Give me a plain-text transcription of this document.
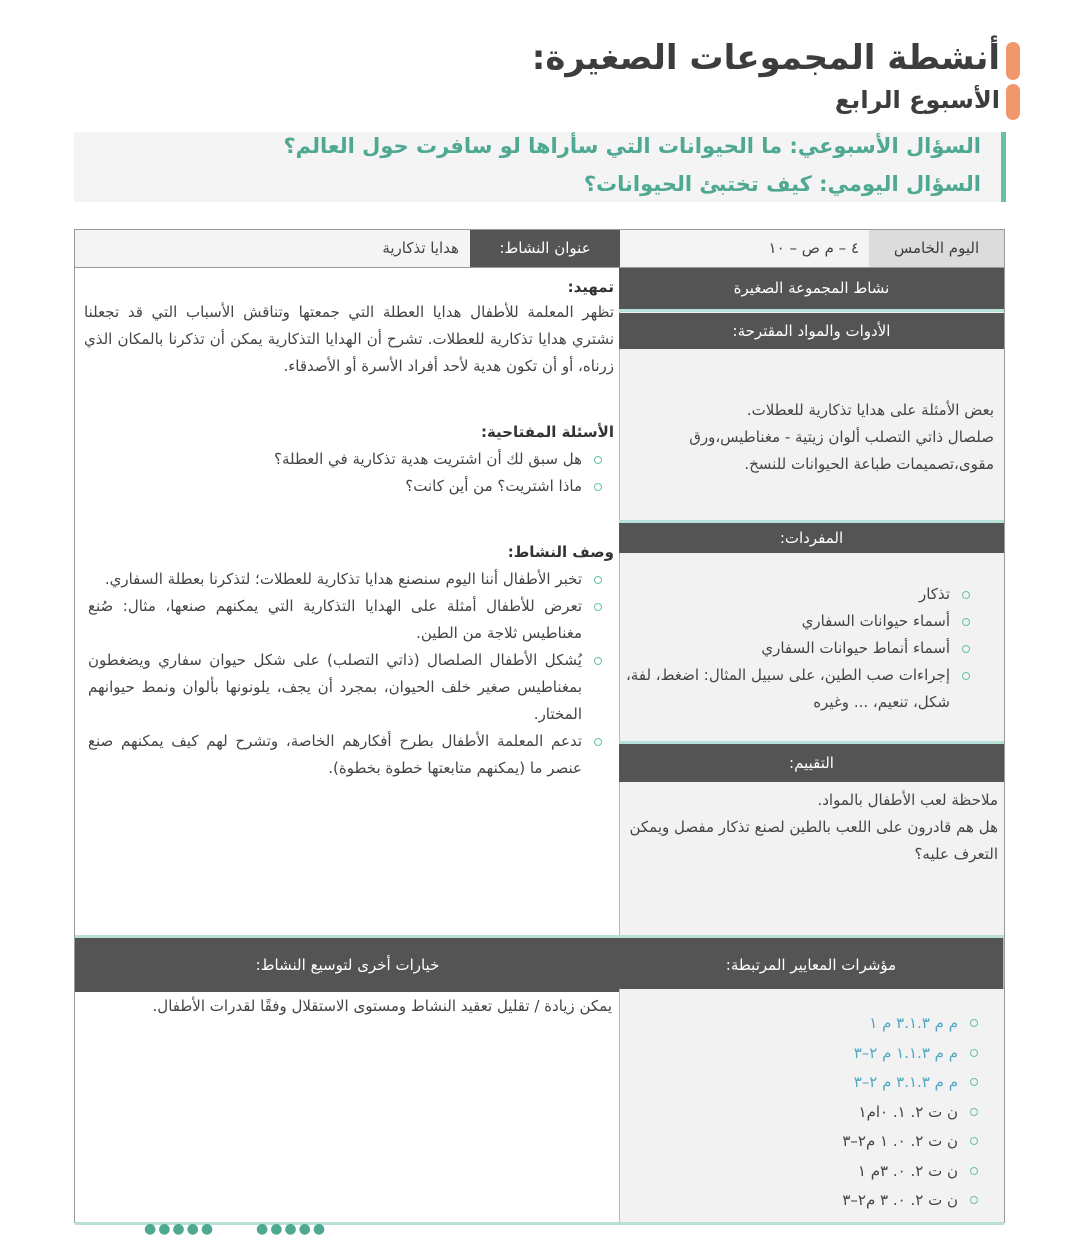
أنشطة المجموعات الصغيرة:
الأسبوع الرابع
السؤال الأسبوعي: ما الحيوانات التي سأراها لو سافرت حول العالم؟
السؤال اليومي: كيف تختبئ الحيوانات؟
اليوم الخامس
٤ – م ص – ١٠
عنوان النشاط:
هدايا تذكارية
نشاط المجموعة الصغيرة
الأدوات والمواد المقترحة:
بعض الأمثلة على هدايا تذكارية للعطلات.
صلصال ذاتي التصلب ألوان زيتية - مغناطيس،ورق مقوى،تصميمات طباعة الحيوانات للنسخ.
المفردات:
تذكار
أسماء حيوانات السفاري
أسماء أنماط حيوانات السفاري
إجراءات صب الطين، على سبيل المثال: اضغط، لفة، شكل، تنعيم، ... وغيره
التقييم:
ملاحظة لعب الأطفال بالمواد.
هل هم قادرون على اللعب بالطين لصنع تذكار مفصل ويمكن التعرف عليه؟
تمهيد:
تظهر المعلمة للأطفال هدايا العطلة التي جمعتها وتناقش الأسباب التي قد تجعلنا نشتري هدايا تذكارية للعطلات. تشرح أن الهدايا التذكارية يمكن أن تذكرنا بالمكان الذي زرناه، أو أن تكون هدية لأحد أفراد الأسرة أو الأصدقاء.
الأسئلة المفتاحية:
هل سبق لك أن اشتريت هدية تذكارية في العطلة؟
ماذا اشتريت؟ من أين كانت؟
وصف النشاط:
تخبر الأطفال أننا اليوم سنصنع هدايا تذكارية للعطلات؛ لتذكرنا بعطلة السفاري.
تعرض للأطفال أمثلة على الهدايا التذكارية التي يمكنهم صنعها، مثال: صُنع مغناطيس ثلاجة من الطين.
يُشكل الأطفال الصلصال (ذاتي التصلب) على شكل حيوان سفاري ويضغطون بمغناطيس صغير خلف الحيوان، بمجرد أن يجف، يلونونها بألوان ونمط حيوانهم المختار.
تدعم المعلمة الأطفال بطرح أفكارهم الخاصة، وتشرح لهم كيف يمكنهم صنع عنصر ما (يمكنهم متابعتها خطوة بخطوة).
خيارات أخرى لتوسيع النشاط:	مؤشرات المعايير المرتبطة:
م م ٣.١.٣ م ١
م م ١.١.٣ م ٢–٣
م م ٣.١.٣ م ٢–٣
ن ت ٢. ١. ٠ام١
ن ت ٢. ٠. ١ م٢–٣
ن ت ٢. ٠. ٣م ١
ن ت ٢. ٠. ٣ م٢–٣
يمكن زيادة / تقليل تعقيد النشاط ومستوى الاستقلال وفقًا لقدرات الأطفال.
●●●●●	●●●●●
